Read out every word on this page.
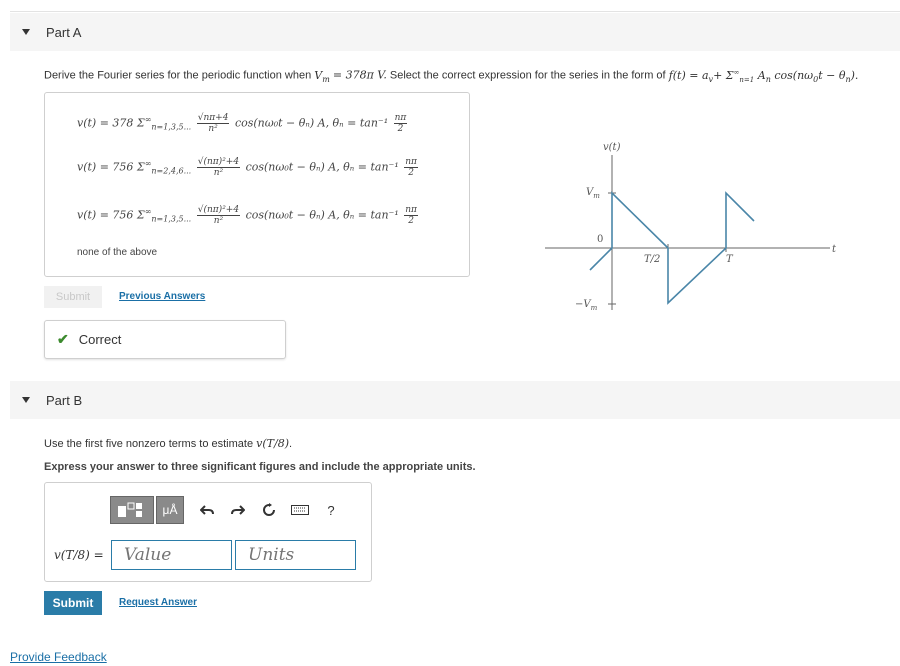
Part A
Derive the Fourier series for the periodic function when $V_m = 378\pi$ V. Select the correct expression for the series in the form of $f(t) = a_v+ \Sigma^\infty_{n=1}$ $A_n$ $\cos(n\omega_0t - \theta_n)$.
v(t) = 378 $\Sigma^\infty_{n=1,3,5...} \frac{√n\pi+4}{\text{n²}} \cos(n\omega_0t - \theta_n)$ A, $\theta_n = \tan^{-1} \frac{n\pi}{2}$
v(t) = 756 $\Sigma^\infty_{n=2,4,6...} \frac{\text{√(nπ)²+4}}{\text{n²}} \cos(n\omega_0t - \theta_n)$ A, $\theta_n = \tan^{-1} \frac{n\pi}{2}$
v(t) = 756 $\Sigma^\infty_{n=1,3,5...} \frac{\text{√(nπ)²+4}}{\text{n²}} \cos(n\omega_0t - \theta_n)$ A, $\theta_n = \tan^{-1} \frac{n\pi}{2}$
none of the above
v(t)
$V_m$
0
$-V_m$
T/2	T
t
Submit	Previous Answers
✔ Correct
Part B
Use the first five nonzero terms to estimate v(T/8).
Express your answer to three significant figures and include the appropriate units.
μÅ	?
v(T/8) =
Value
Units
Submit	Request Answer
Provide Feedback
